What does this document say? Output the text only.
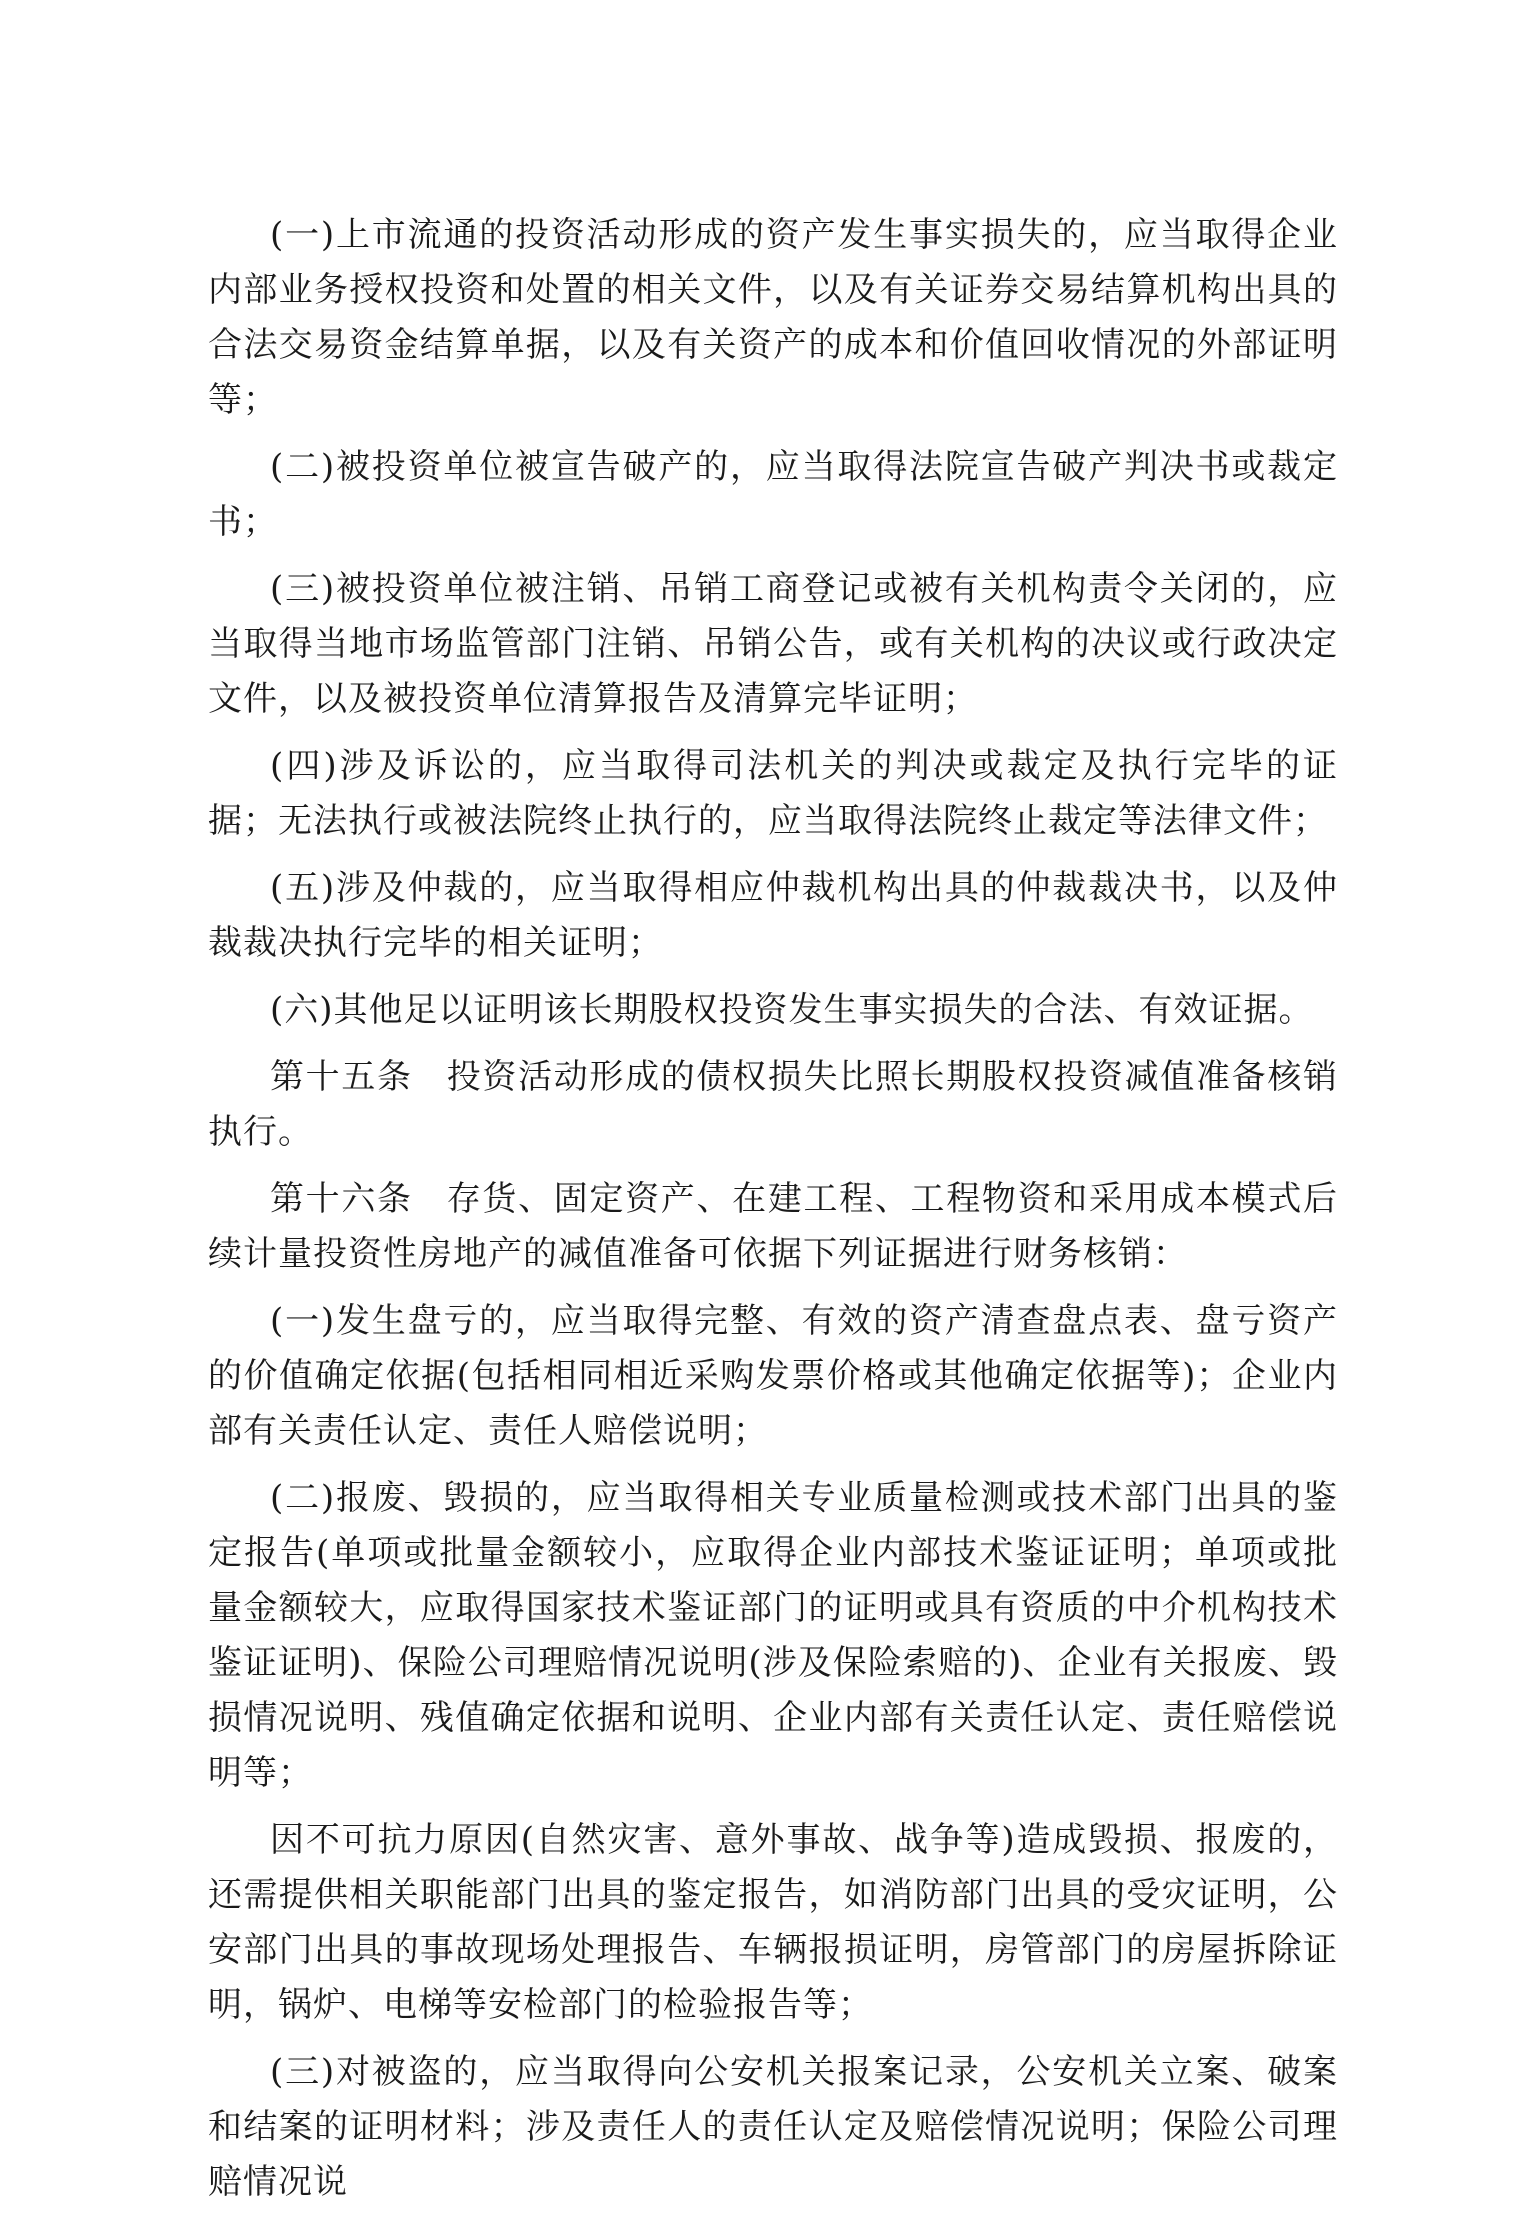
(一)上市流通的投资活动形成的资产发生事实损失的，应当取得企业内部业务授权投资和处置的相关文件，以及有关证券交易结算机构出具的合法交易资金结算单据，以及有关资产的成本和价值回收情况的外部证明等；

(二)被投资单位被宣告破产的，应当取得法院宣告破产判决书或裁定书；

(三)被投资单位被注销、吊销工商登记或被有关机构责令关闭的，应当取得当地市场监管部门注销、吊销公告，或有关机构的决议或行政决定文件，以及被投资单位清算报告及清算完毕证明；

(四)涉及诉讼的，应当取得司法机关的判决或裁定及执行完毕的证据；无法执行或被法院终止执行的，应当取得法院终止裁定等法律文件；

(五)涉及仲裁的，应当取得相应仲裁机构出具的仲裁裁决书，以及仲裁裁决执行完毕的相关证明；

(六)其他足以证明该长期股权投资发生事实损失的合法、有效证据。

第十五条 投资活动形成的债权损失比照长期股权投资减值准备核销执行。

第十六条 存货、固定资产、在建工程、工程物资和采用成本模式后续计量投资性房地产的减值准备可依据下列证据进行财务核销：

(一)发生盘亏的，应当取得完整、有效的资产清查盘点表、盘亏资产的价值确定依据(包括相同相近采购发票价格或其他确定依据等)；企业内部有关责任认定、责任人赔偿说明；

(二)报废、毁损的，应当取得相关专业质量检测或技术部门出具的鉴定报告(单项或批量金额较小，应取得企业内部技术鉴证证明；单项或批量金额较大，应取得国家技术鉴证部门的证明或具有资质的中介机构技术鉴证证明)、保险公司理赔情况说明(涉及保险索赔的)、企业有关报废、毁损情况说明、残值确定依据和说明、企业内部有关责任认定、责任赔偿说明等；

因不可抗力原因(自然灾害、意外事故、战争等)造成毁损、报废的，还需提供相关职能部门出具的鉴定报告，如消防部门出具的受灾证明，公安部门出具的事故现场处理报告、车辆报损证明，房管部门的房屋拆除证明，锅炉、电梯等安检部门的检验报告等；

(三)对被盗的，应当取得向公安机关报案记录，公安机关立案、破案和结案的证明材料；涉及责任人的责任认定及赔偿情况说明；保险公司理赔情况说
